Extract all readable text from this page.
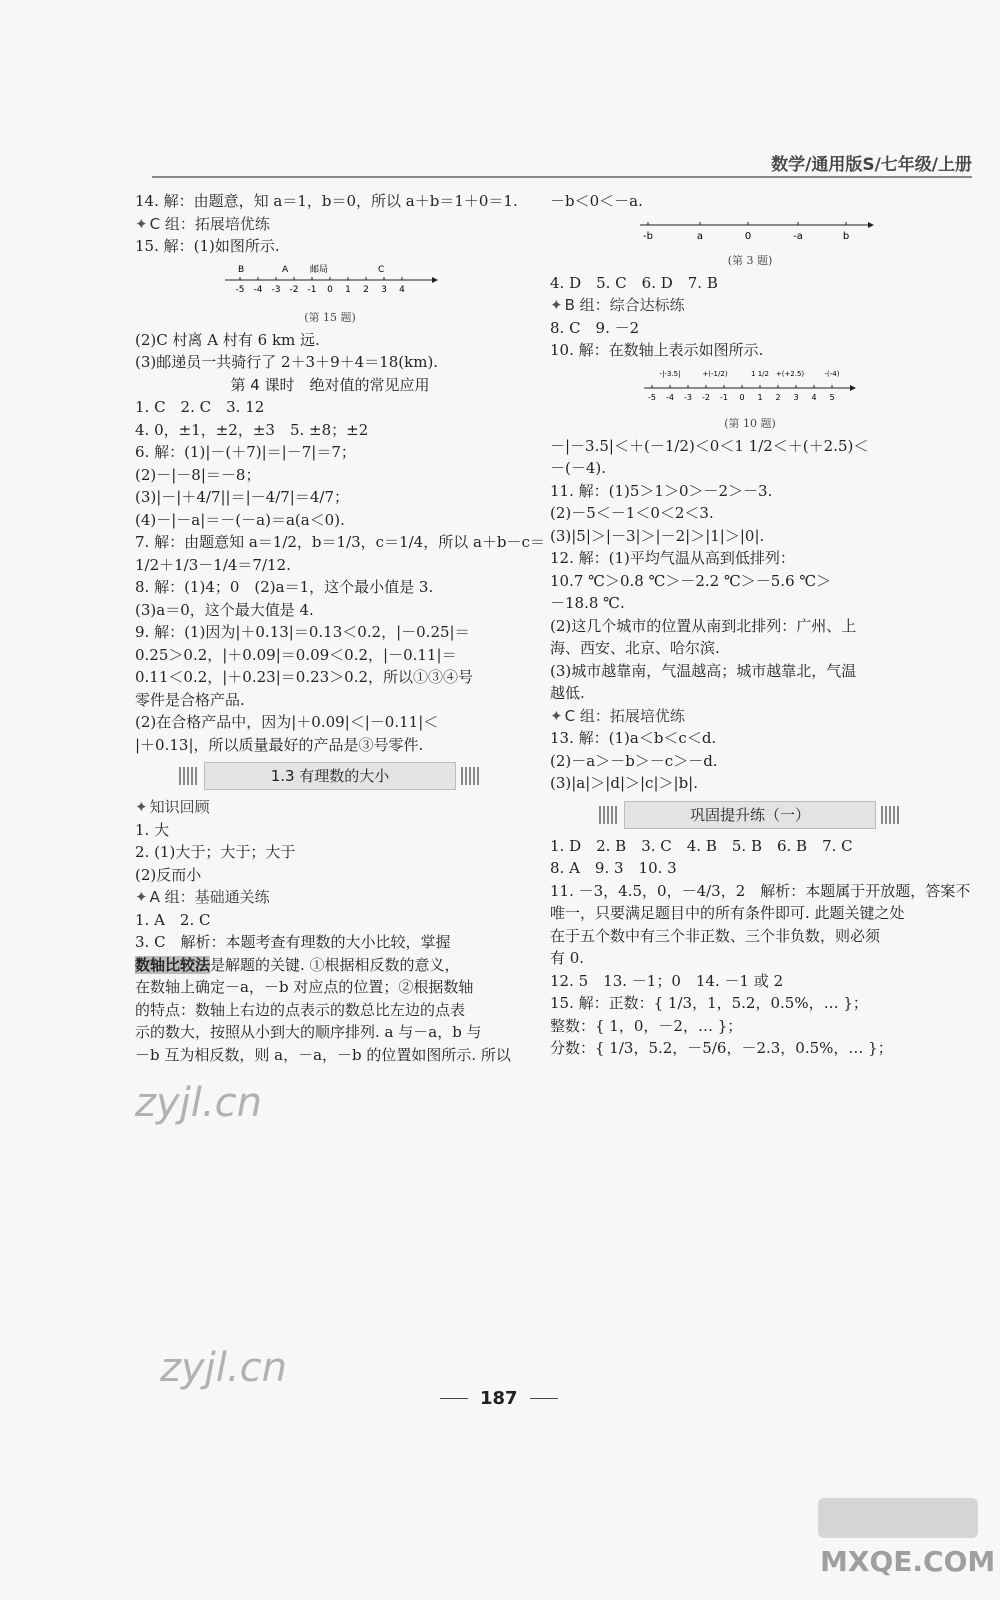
数学/通用版S/七年级/上册
14. 解：由题意，知 a＝1，b＝0，所以 a＋b＝1＋0＝1.
✦ C 组：拓展培优练
15. 解：(1)如图所示.
-5 -4 -3 -2 -1 0 1 2 3 4
B	A 邮局	C
(第 15 题)
(2)C 村离 A 村有 6 km 远.
(3)邮递员一共骑行了 2＋3＋9＋4＝18(km).
第 4 课时　绝对值的常见应用
1. C　2. C　3. 12
4. 0，±1，±2，±3　5. ±8；±2
6. 解：(1)|－(＋7)|＝|－7|＝7；
(2)－|－8|＝－8；
(3)|－|＋4/7||＝|－4/7|＝4/7；
(4)－|－a|＝－(－a)＝a(a＜0).
7. 解：由题意知 a＝1/2，b＝1/3，c＝1/4，所以 a＋b－c＝
1/2＋1/3－1/4＝7/12.
8. 解：(1)4；0　(2)a＝1，这个最小值是 3.
(3)a＝0，这个最大值是 4.
9. 解：(1)因为|＋0.13|＝0.13＜0.2，|－0.25|＝
0.25＞0.2，|＋0.09|＝0.09＜0.2，|－0.11|＝
0.11＜0.2，|＋0.23|＝0.23＞0.2，所以①③④号
零件是合格产品.
(2)在合格产品中，因为|＋0.09|＜|－0.11|＜
|＋0.13|，所以质量最好的产品是③号零件.
1.3 有理数的大小
✦ 知识回顾
1. 大
2. (1)大于；大于；大于
(2)反而小
✦ A 组：基础通关练
1. A　2. C
3. C　解析：本题考查有理数的大小比较，掌握
数轴比较法是解题的关键. ①根据相反数的意义，
在数轴上确定－a，－b 对应点的位置；②根据数轴
的特点：数轴上右边的点表示的数总比左边的点表
示的数大，按照从小到大的顺序排列. a 与－a，b 与
－b 互为相反数，则 a，－a，－b 的位置如图所示. 所以
－b＜0＜－a.
-b	a	0	-a	b
(第 3 题)
4. D　5. C　6. D　7. B
✦ B 组：综合达标练
8. C　9. －2
10. 解：在数轴上表示如图所示.
-5 -4 -3 -2 -1 0 1 2 3 4 5
-|-3.5|	+(-1/2)	1 1/2 +(+2.5)	-(-4)
(第 10 题)
－|－3.5|＜＋(－1/2)＜0＜1 1/2＜＋(＋2.5)＜
－(－4).
11. 解：(1)5＞1＞0＞－2＞－3.
(2)－5＜－1＜0＜2＜3.
(3)|5|＞|－3|＞|－2|＞|1|＞|0|.
12. 解：(1)平均气温从高到低排列：
10.7 ℃＞0.8 ℃＞－2.2 ℃＞－5.6 ℃＞
－18.8 ℃.
(2)这几个城市的位置从南到北排列：广州、上
海、西安、北京、哈尔滨.
(3)城市越靠南，气温越高；城市越靠北，气温
越低.
✦ C 组：拓展培优练
13. 解：(1)a＜b＜c＜d.
(2)－a＞－b＞－c＞－d.
(3)|a|＞|d|＞|c|＞|b|.
巩固提升练（一）
1. D　2. B　3. C　4. B　5. B　6. B　7. C
8. A　9. 3　10. 3
11. －3，4.5，0，－4/3，2　解析：本题属于开放题，答案不
唯一，只要满足题目中的所有条件即可. 此题关键之处
在于五个数中有三个非正数、三个非负数，则必须
有 0.
12. 5　13. －1；0　14. －1 或 2
15. 解：正数：{ 1/3，1，5.2，0.5%，… }；
整数：{ 1，0，－2，… }；
分数：{ 1/3，5.2，－5/6，－2.3，0.5%，… }；
187
zyjl.cn
zyjl.cn
MXQE.COM
